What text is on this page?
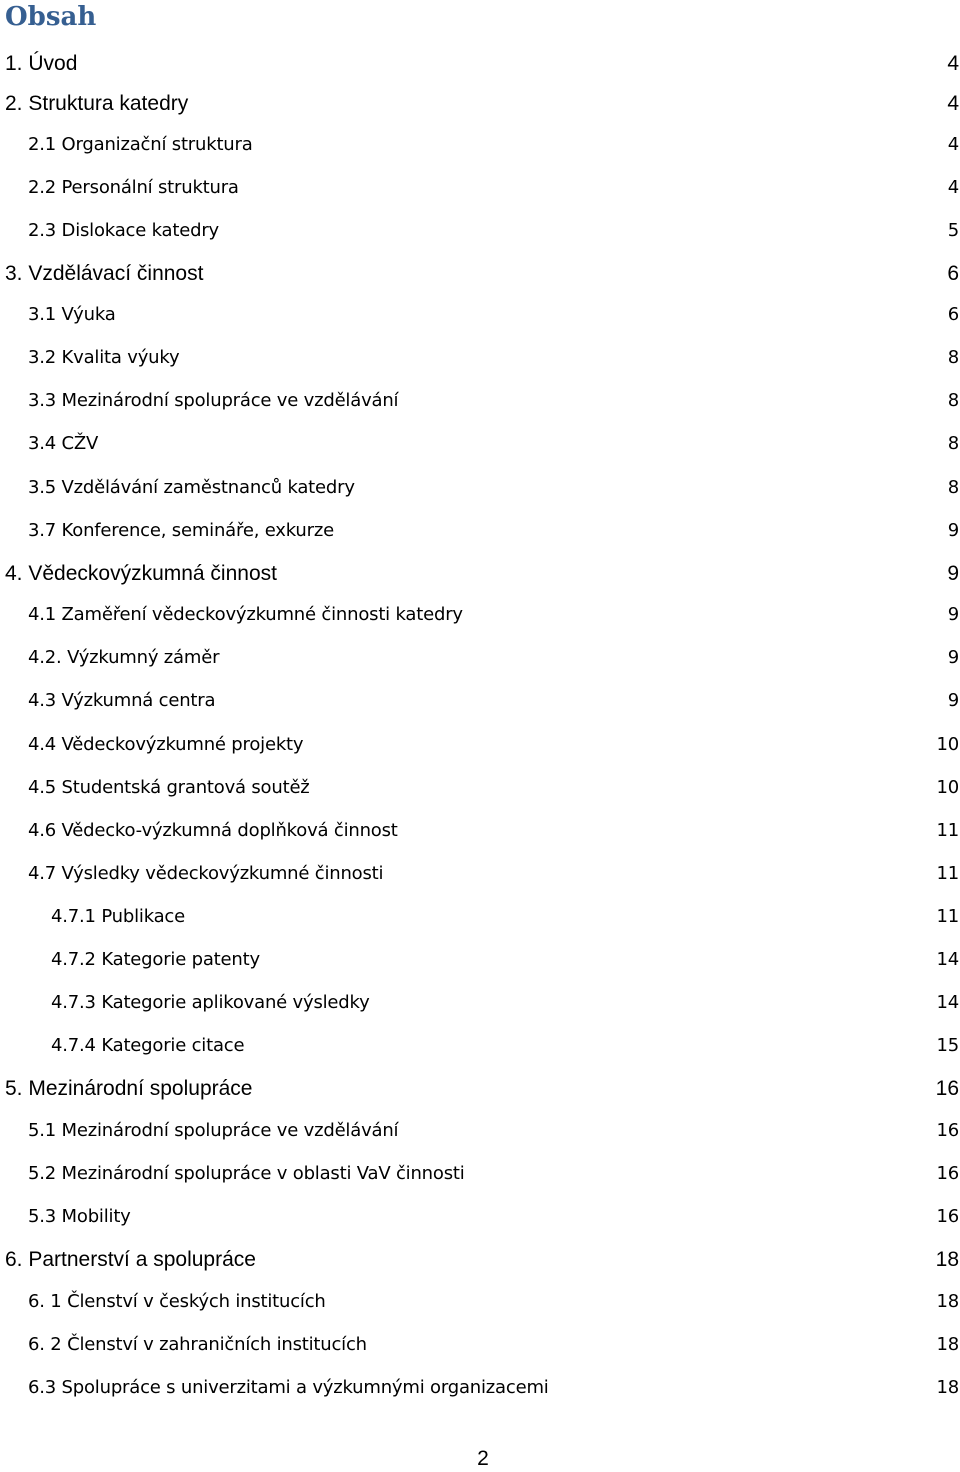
Obsah
1. Úvod	4
2. Struktura katedry	4
2.1 Organizační struktura	4
2.2 Personální struktura	4
2.3 Dislokace katedry	5
3. Vzdělávací činnost	6
3.1 Výuka	6
3.2 Kvalita výuky	8
3.3 Mezinárodní spolupráce ve vzdělávání	8
3.4 CŽV	8
3.5 Vzdělávání zaměstnanců katedry	8
3.7 Konference, semináře, exkurze	9
4. Vědeckovýzkumná činnost	9
4.1 Zaměření vědeckovýzkumné činnosti katedry	9
4.2. Výzkumný záměr	9
4.3 Výzkumná centra	9
4.4 Vědeckovýzkumné projekty	10
4.5 Studentská grantová soutěž	10
4.6 Vědecko-výzkumná doplňková činnost	11
4.7 Výsledky vědeckovýzkumné činnosti	11
4.7.1 Publikace	11
4.7.2 Kategorie patenty	14
4.7.3 Kategorie aplikované výsledky	14
4.7.4 Kategorie citace	15
5. Mezinárodní spolupráce	16
5.1 Mezinárodní spolupráce ve vzdělávání	16
5.2 Mezinárodní spolupráce v oblasti VaV činnosti	16
5.3 Mobility	16
6. Partnerství a spolupráce	18
6. 1 Členství v českých institucích	18
6. 2 Členství v zahraničních institucích	18
6.3 Spolupráce s univerzitami a výzkumnými organizacemi	18
2
